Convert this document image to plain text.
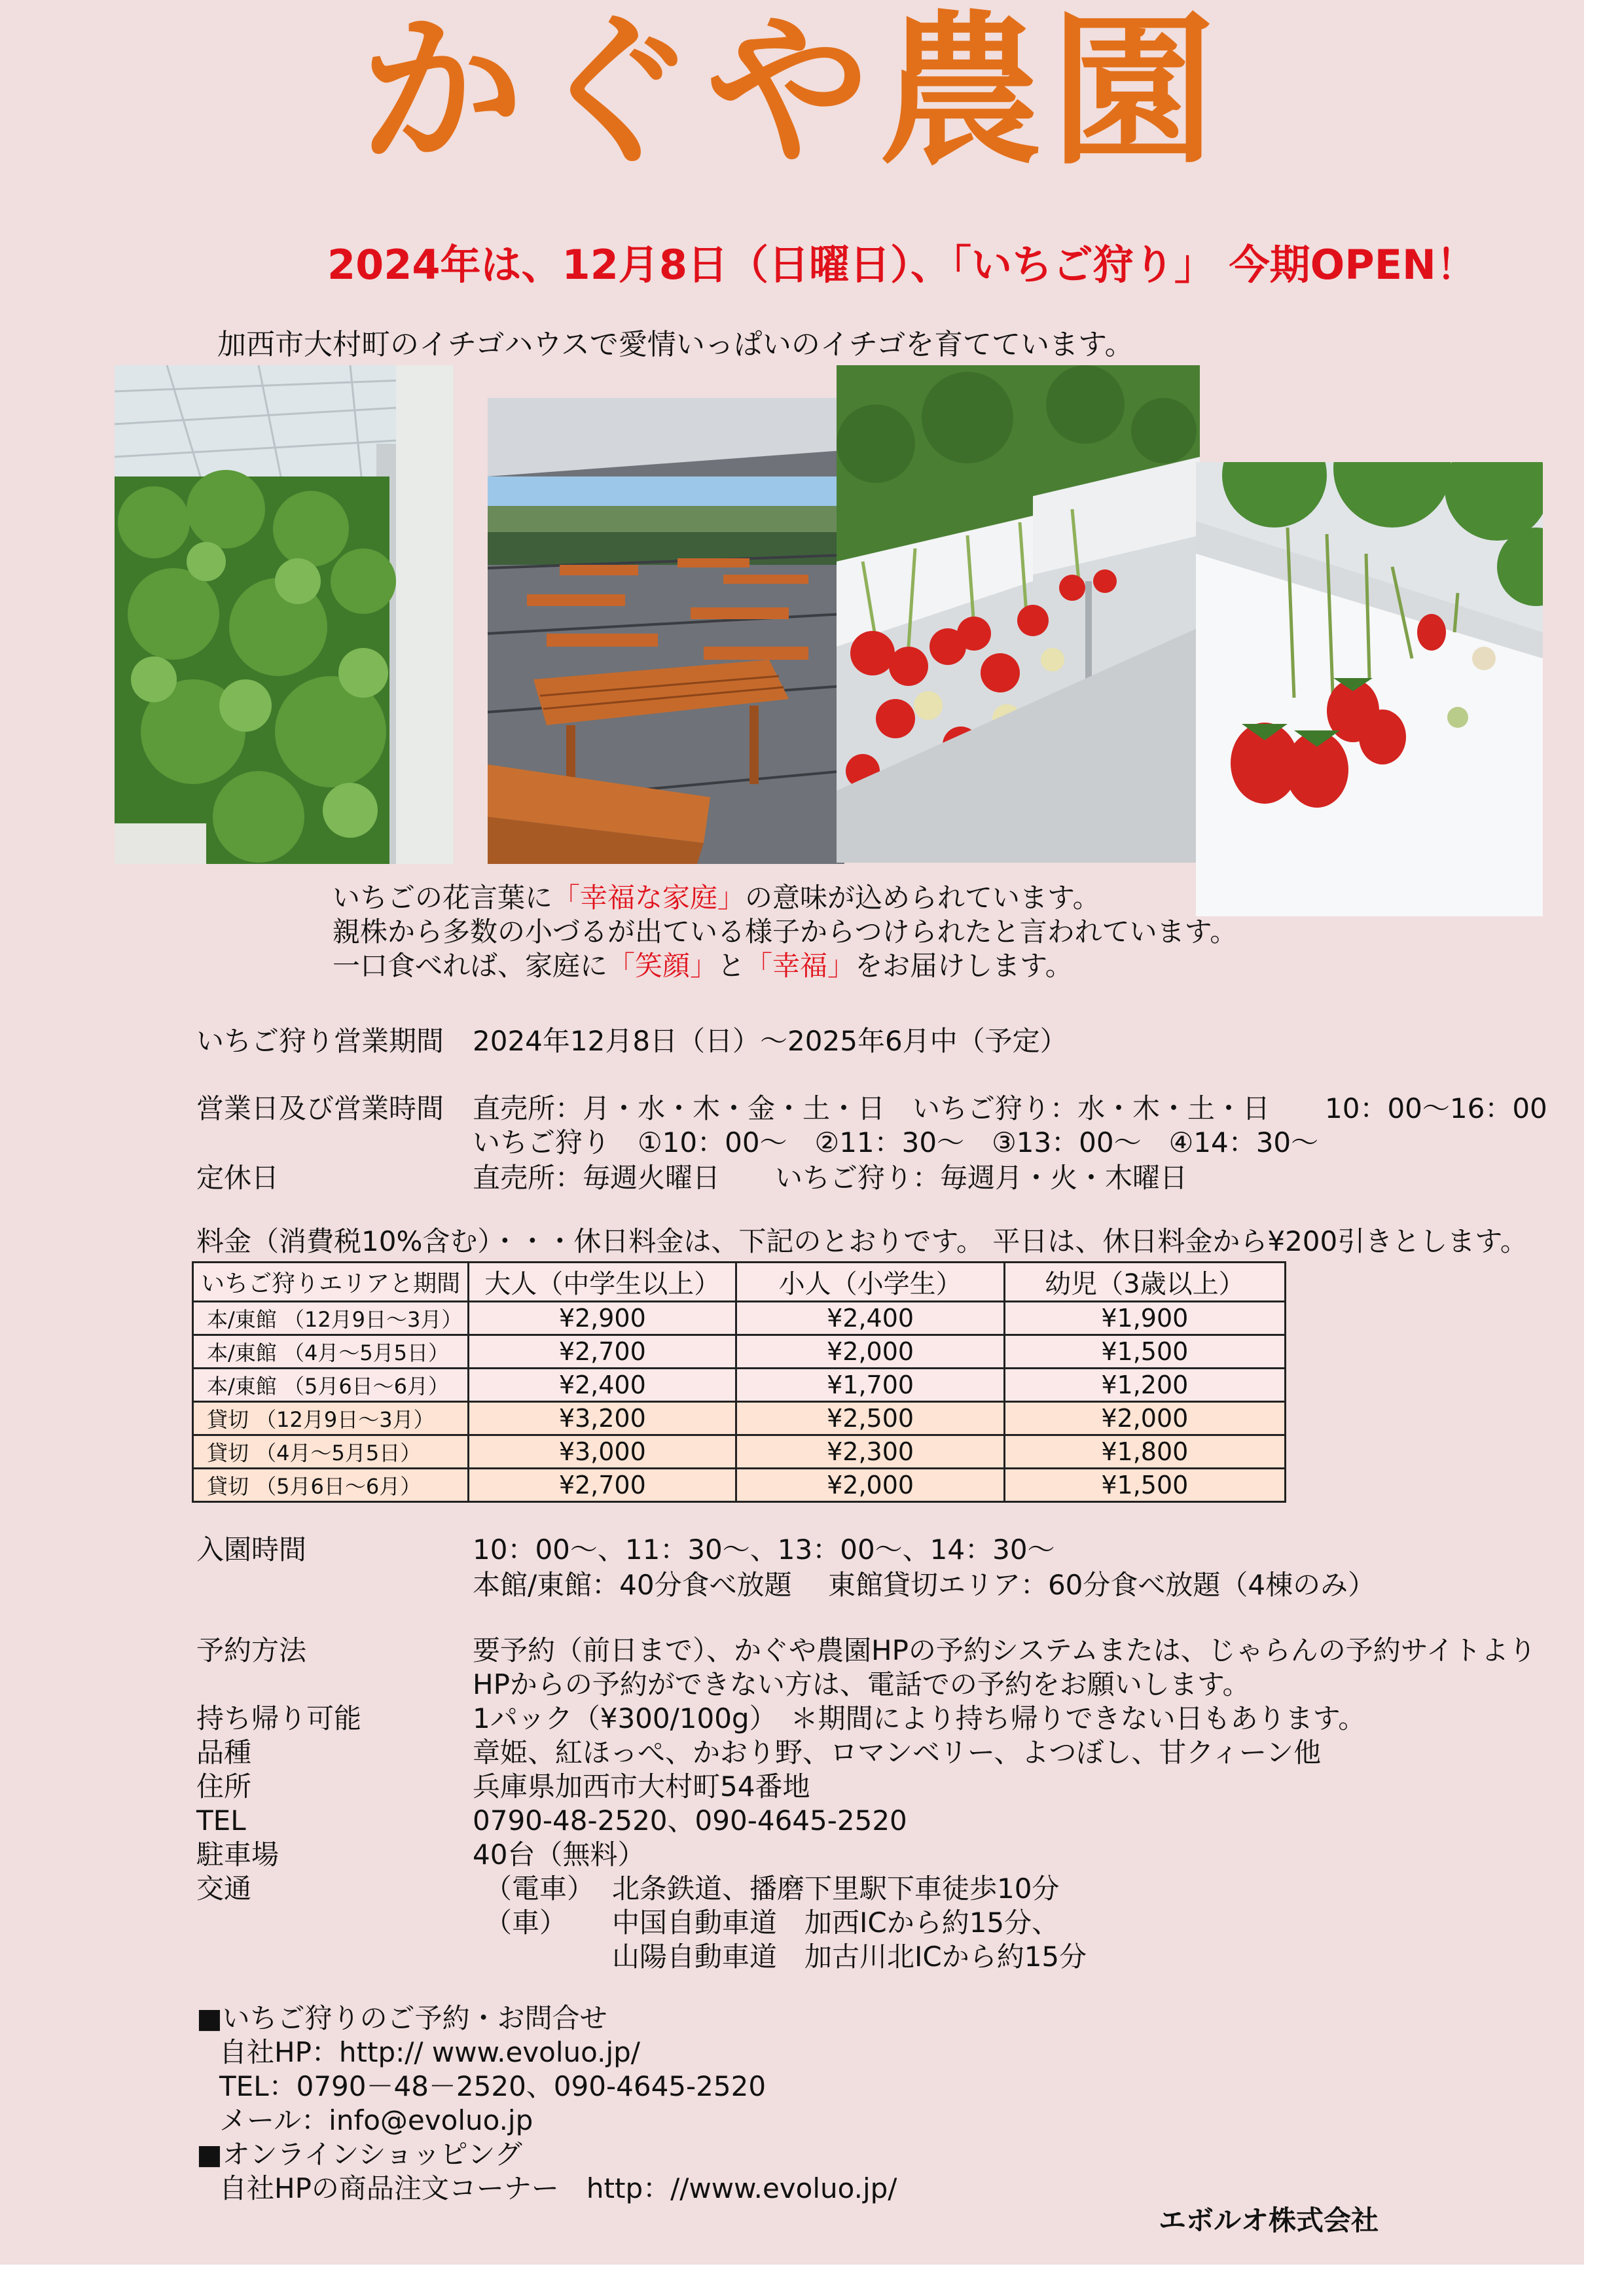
かぐや農園
2024年は、12月8日（日曜日）、「いちご狩り」 今期OPEN！
加西市大村町のイチゴハウスで愛情いっぱいのイチゴを育てています。
いちごの花言葉に「幸福な家庭」の意味が込められています。
親株から多数の小づるが出ている様子からつけられたと言われています。
一口食べれば、家庭に「笑顔」と「幸福」をお届けします。
いちご狩り営業期間 2024年12月8日（日）～2025年6月中（予定）
営業日及び営業時間 直売所：月・水・木・金・土・日　いちご狩り：水・木・土・日　　10：00～16：00
いちご狩り　①10：00～　②11：30～　③13：00～　④14：30～
定休日	直売所：毎週火曜日　　いちご狩り：毎週月・火・木曜日
料金（消費税10%含む）・・・休日料金は、下記のとおりです。 平日は、休日料金から¥200引きとします。
いちご狩りエリアと期間	大人（中学生以上）	小人（小学生）	幼児（3歳以上）
本/東館 （12月9日～3月）	¥2,900	¥2,400	¥1,900
本/東館 （4月～5月5日）	¥2,700	¥2,000	¥1,500
本/東館 （5月6日～6月）	¥2,400	¥1,700	¥1,200
貸切 （12月9日～3月）	¥3,200	¥2,500	¥2,000
貸切 （4月～5月5日）	¥3,000	¥2,300	¥1,800
貸切 （5月6日～6月）	¥2,700	¥2,000	¥1,500
入園時間	10：00～、11：30～、13：00～、14：30～
本館/東館：40分食べ放題　 東館貸切エリア：60分食べ放題（4棟のみ）
予約方法	要予約（前日まで）、かぐや農園HPの予約システムまたは、じゃらんの予約サイトより
HPからの予約ができない方は、電話での予約をお願いします。
持ち帰り可能	1パック（¥300/100g）　＊期間により持ち帰りできない日もあります。
品種	章姫、紅ほっぺ、かおり野、ロマンベリー、よつぼし、甘クィーン他
住所	兵庫県加西市大村町54番地
TEL	0790-48-2520、090-4645-2520
駐車場	40台（無料）
交通	（電車） 北条鉄道、播磨下里駅下車徒歩10分
（車） 中国自動車道　加西ICから約15分、
山陽自動車道　加古川北ICから約15分
■いちご狩りのご予約・お問合せ
自社HP：http:// www.evoluo.jp/
TEL：0790－48－2520、090-4645-2520
メール：info@evoluo.jp
■オンラインショッピング
自社HPの商品注文コーナー　http：//www.evoluo.jp/
エボルオ株式会社
